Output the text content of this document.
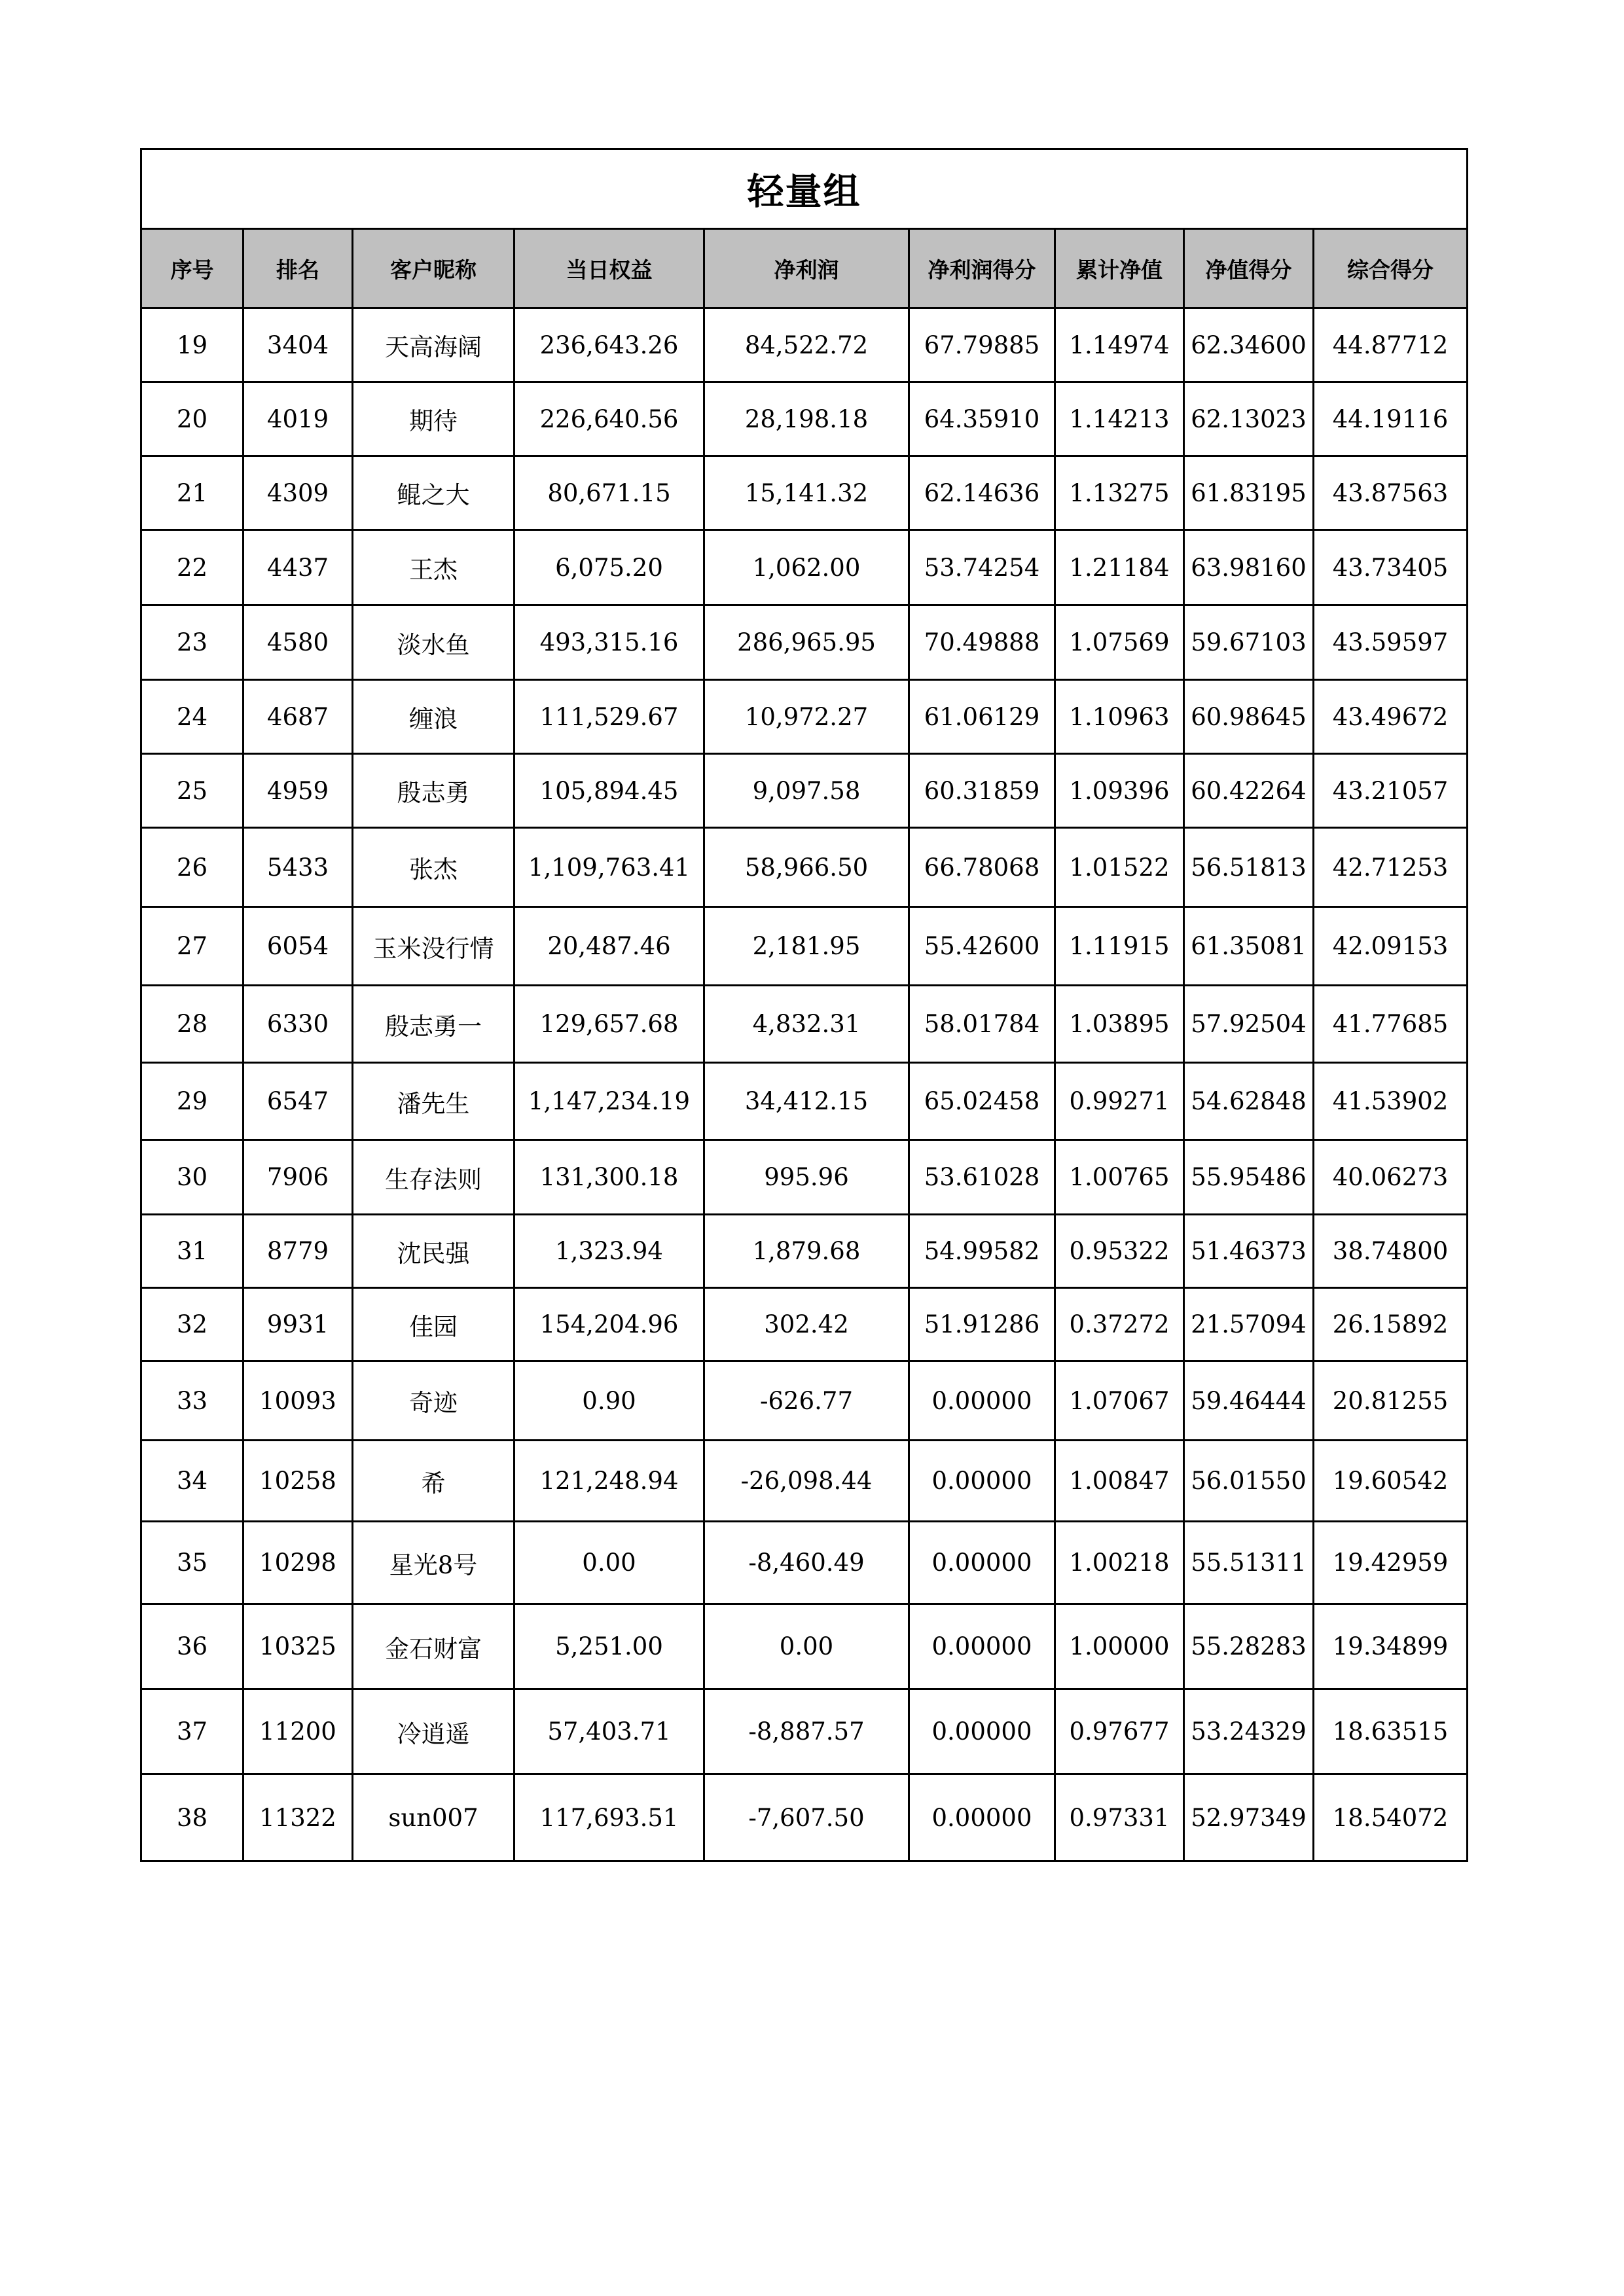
轻量组								
序号	排名	客户昵称	当日权益	净利润	净利润得分	累计净值	净值得分	综合得分
19	3404	天高海阔	236,643.26	84,522.72	67.79885	1.14974	62.34600	44.87712
20	4019	期待	226,640.56	28,198.18	64.35910	1.14213	62.13023	44.19116
21	4309	鲲之大	80,671.15	15,141.32	62.14636	1.13275	61.83195	43.87563
22	4437	王杰	6,075.20	1,062.00	53.74254	1.21184	63.98160	43.73405
23	4580	淡水鱼	493,315.16	286,965.95	70.49888	1.07569	59.67103	43.59597
24	4687	缠浪	111,529.67	10,972.27	61.06129	1.10963	60.98645	43.49672
25	4959	殷志勇	105,894.45	9,097.58	60.31859	1.09396	60.42264	43.21057
26	5433	张杰	1,109,763.41	58,966.50	66.78068	1.01522	56.51813	42.71253
27	6054	玉米没行情	20,487.46	2,181.95	55.42600	1.11915	61.35081	42.09153
28	6330	殷志勇一	129,657.68	4,832.31	58.01784	1.03895	57.92504	41.77685
29	6547	潘先生	1,147,234.19	34,412.15	65.02458	0.99271	54.62848	41.53902
30	7906	生存法则	131,300.18	995.96	53.61028	1.00765	55.95486	40.06273
31	8779	沈民强	1,323.94	1,879.68	54.99582	0.95322	51.46373	38.74800
32	9931	佳园	154,204.96	302.42	51.91286	0.37272	21.57094	26.15892
33	10093	奇迹	0.90	-626.77	0.00000	1.07067	59.46444	20.81255
34	10258	希	121,248.94	-26,098.44	0.00000	1.00847	56.01550	19.60542
35	10298	星光8号	0.00	-8,460.49	0.00000	1.00218	55.51311	19.42959
36	10325	金石财富	5,251.00	0.00	0.00000	1.00000	55.28283	19.34899
37	11200	冷逍遥	57,403.71	-8,887.57	0.00000	0.97677	53.24329	18.63515
38	11322	sun007	117,693.51	-7,607.50	0.00000	0.97331	52.97349	18.54072
